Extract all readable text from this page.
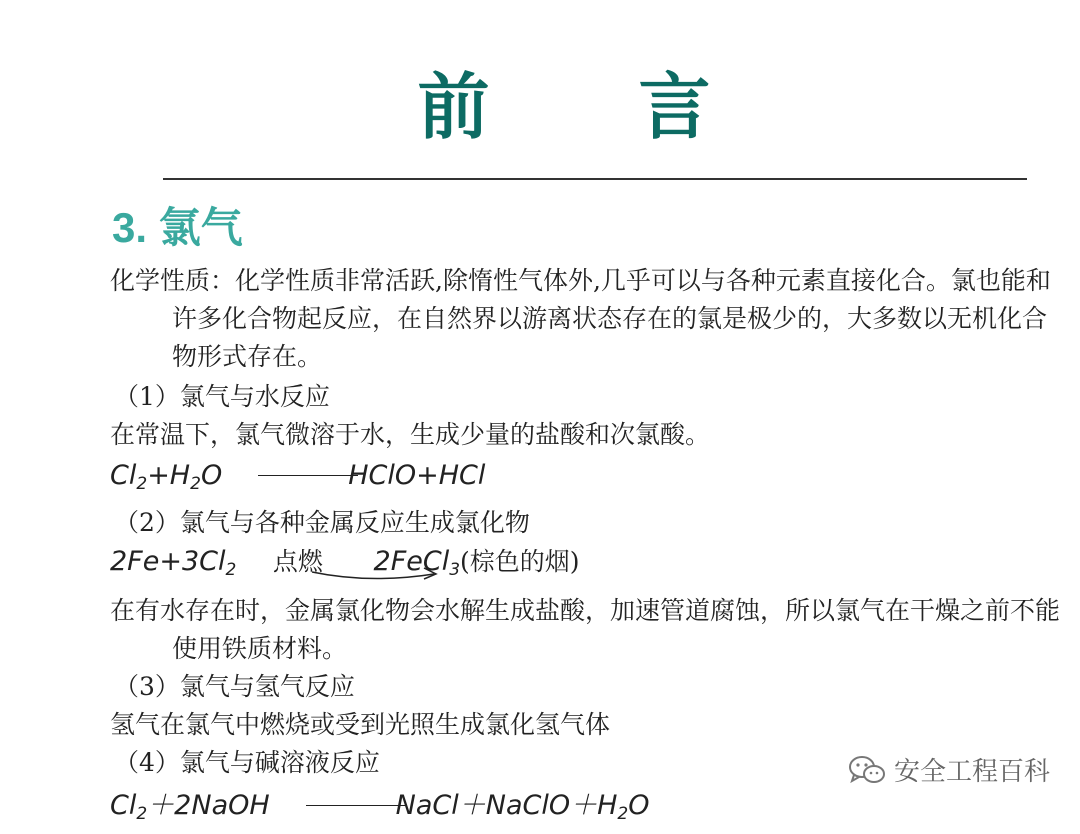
前 言
3. 氯气

化学性质：化学性质非常活跃,除惰性气体外,几乎可以与各种元素直接化合。氯也能和许多化合物起反应，在自然界以游离状态存在的氯是极少的，大多数以无机化合物形式存在。

（1）氯气与水反应

在常温下，氯气微溶于水，生成少量的盐酸和次氯酸。

$Cl_2+H_2O$	HClO+HCl

（2）氯气与各种金属反应生成氯化物

$2Fe+3Cl_2$ 点燃 2FeCl$_3$(棕色的烟)

在有水存在时，金属氯化物会水解生成盐酸，加速管道腐蚀，所以氯气在干燥之前不能使用铁质材料。

（3）氯气与氢气反应

氢气在氯气中燃烧或受到光照生成氯化氢气体

（4）氯气与碱溶液反应

$Cl_2+2NaOH$	$NaCl+NaClO+H_2O$
安全工程百科
